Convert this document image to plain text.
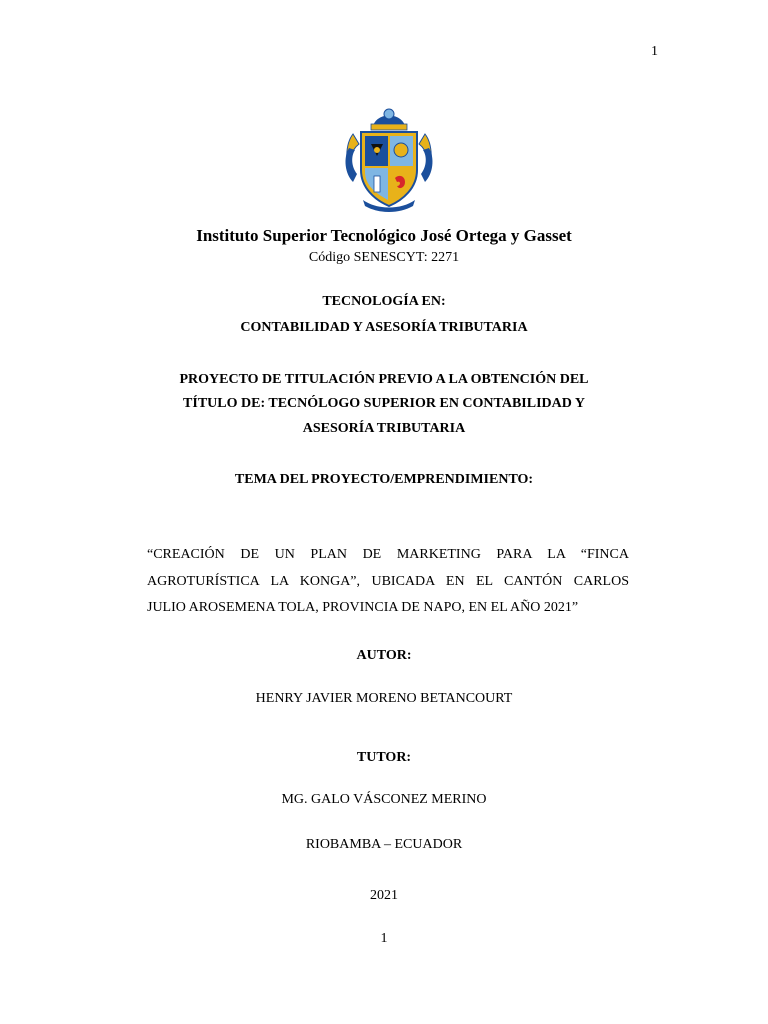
1
Instituto Superior Tecnológico José Ortega y Gasset
Código SENESCYT: 2271
TECNOLOGÍA EN:
CONTABILIDAD Y ASESORÍA TRIBUTARIA
PROYECTO DE TITULACIÓN PREVIO A LA OBTENCIÓN DEL
TÍTULO DE: TECNÓLOGO SUPERIOR EN CONTABILIDAD Y
ASESORÍA TRIBUTARIA
TEMA DEL PROYECTO/EMPRENDIMIENTO:
“CREACIÓN DE UN PLAN DE MARKETING PARA LA “FINCA
AGROTURÍSTICA LA KONGA”, UBICADA EN EL CANTÓN CARLOS
JULIO AROSEMENA TOLA, PROVINCIA DE NAPO, EN EL AÑO 2021”
AUTOR:
HENRY JAVIER MORENO BETANCOURT
TUTOR:
MG. GALO VÁSCONEZ MERINO
RIOBAMBA – ECUADOR
2021
1
